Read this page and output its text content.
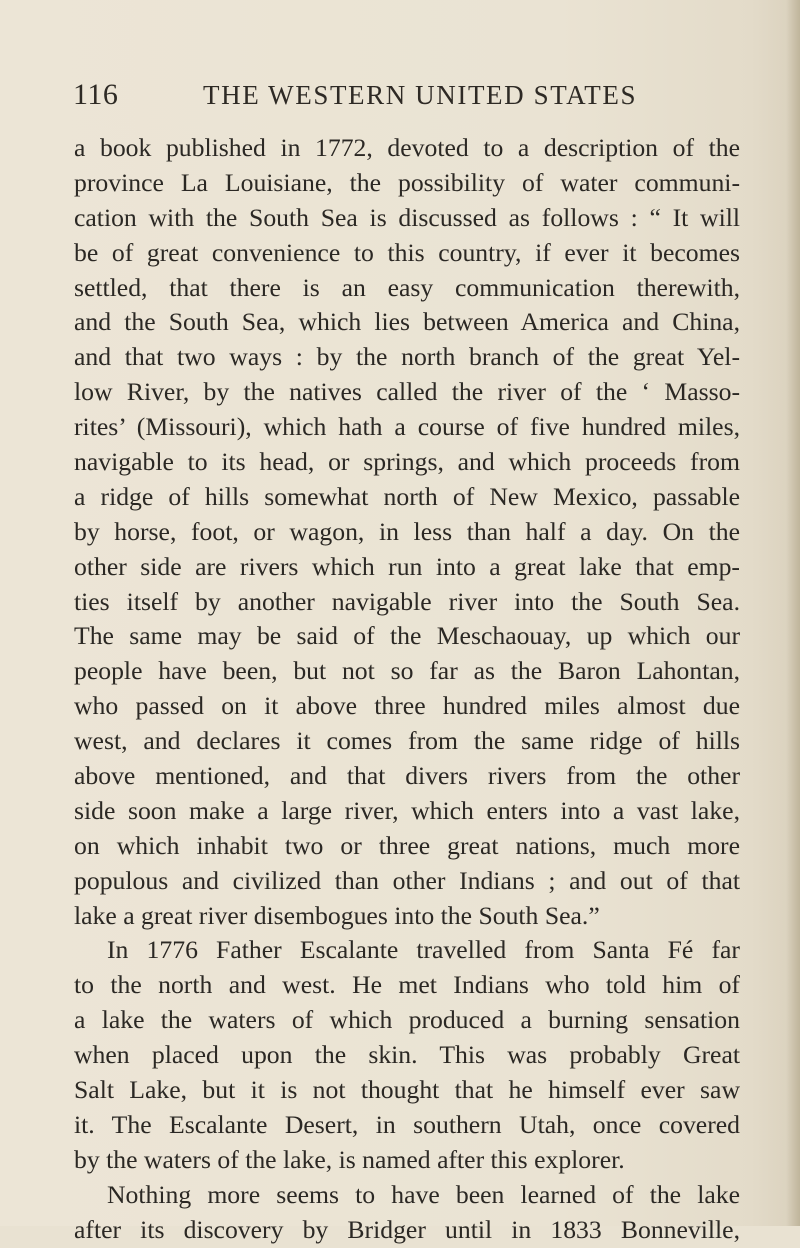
116	THE WESTERN UNITED STATES
a book published in 1772, devoted to a description of the
province La Louisiane, the possibility of water communi-
cation with the South Sea is discussed as follows : “ It will
be of great convenience to this country, if ever it becomes
settled, that there is an easy communication therewith,
and the South Sea, which lies between America and China,
and that two ways : by the north branch of the great Yel-
low River, by the natives called the river of the ‘ Masso-
rites’ (Missouri), which hath a course of five hundred miles,
navigable to its head, or springs, and which proceeds from
a ridge of hills somewhat north of New Mexico, passable
by horse, foot, or wagon, in less than half a day. On the
other side are rivers which run into a great lake that emp-
ties itself by another navigable river into the South Sea.
The same may be said of the Meschaouay, up which our
people have been, but not so far as the Baron Lahontan,
who passed on it above three hundred miles almost due
west, and declares it comes from the same ridge of hills
above mentioned, and that divers rivers from the other
side soon make a large river, which enters into a vast lake,
on which inhabit two or three great nations, much more
populous and civilized than other Indians ; and out of that
lake a great river disembogues into the South Sea.”
In 1776 Father Escalante travelled from Santa Fé far
to the north and west. He met Indians who told him of
a lake the waters of which produced a burning sensation
when placed upon the skin. This was probably Great
Salt Lake, but it is not thought that he himself ever saw
it. The Escalante Desert, in southern Utah, once covered
by the waters of the lake, is named after this explorer.
Nothing more seems to have been learned of the lake
after its discovery by Bridger until in 1833 Bonneville,
